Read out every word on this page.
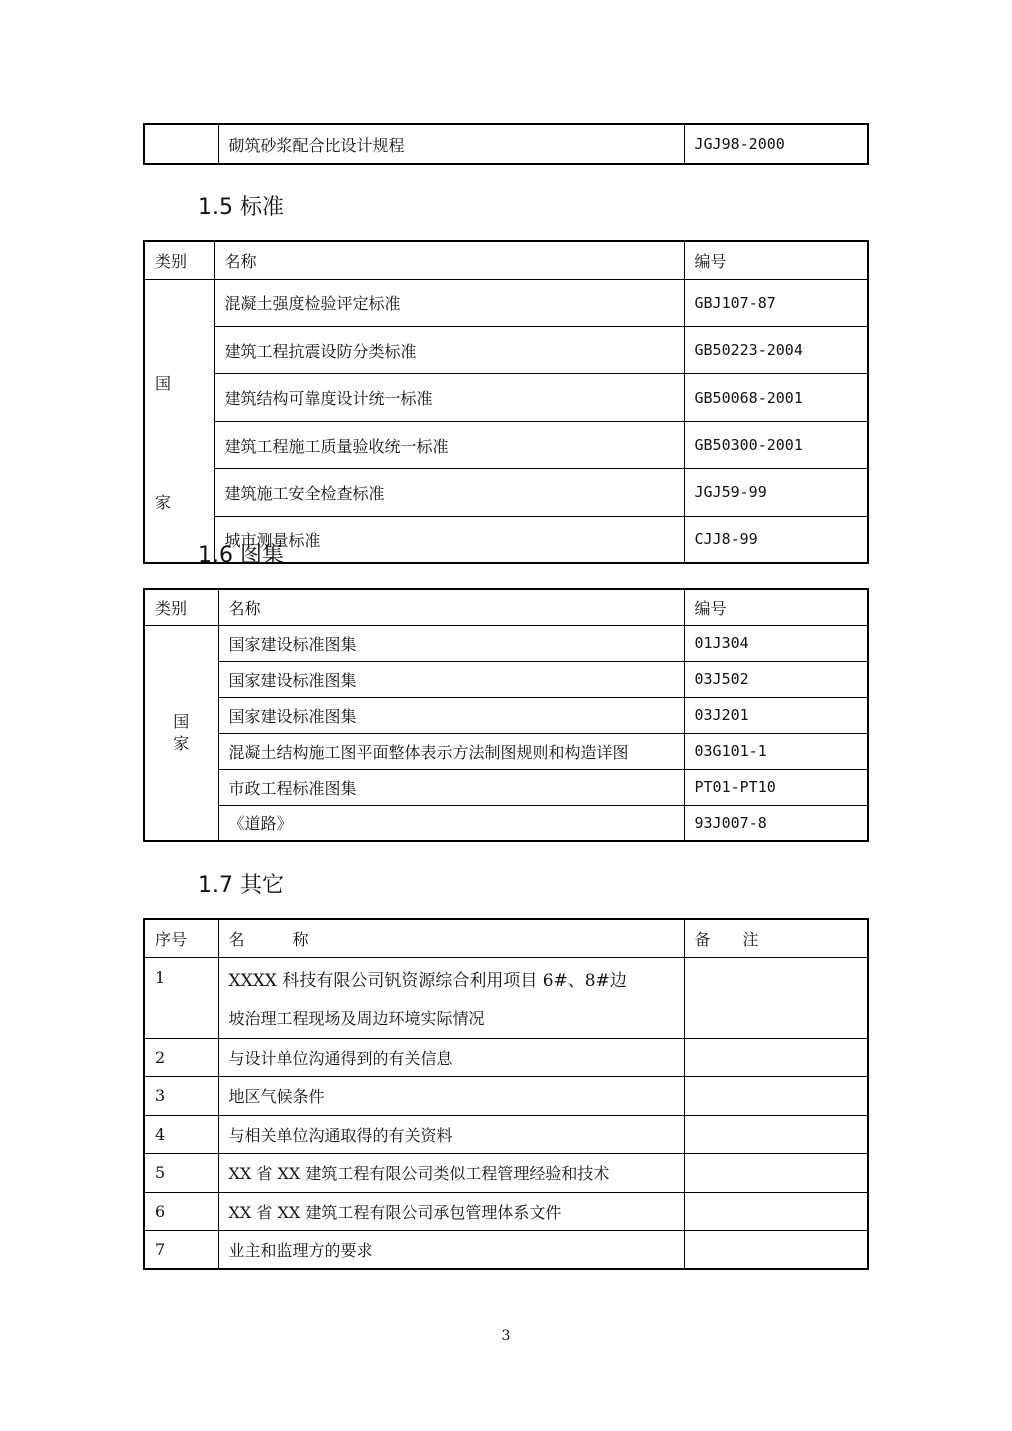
	砌筑砂浆配合比设计规程	JGJ98-2000
1.5 标准
类别	名称	编号

国
家	混凝土强度检验评定标准	GBJ107-87
	建筑工程抗震设防分类标准	GB50223-2004
	建筑结构可靠度设计统一标准	GB50068-2001
	建筑工程施工质量验收统一标准	GB50300-2001
	建筑施工安全检查标准	JGJ59-99
	城市测量标准	CJJ8-99
1.6 图集
类别	名称	编号

国
家	国家建设标准图集	01J304
	国家建设标准图集	03J502
	国家建设标准图集	03J201
	混凝土结构施工图平面整体表示方法制图规则和构造详图	03G101-1
	市政工程标准图集	PT01-PT10
	《道路》	93J007-8
1.7 其它
序号	名　　　称	备　　注
1	XXXX 科技有限公司钒资源综合利用项目 6#、8#边
坡治理工程现场及周边环境实际情况	

2	与设计单位沟通得到的有关信息	
3	地区气候条件	
4	与相关单位沟通取得的有关资料	
5	XX 省 XX 建筑工程有限公司类似工程管理经验和技术	
6	XX 省 XX 建筑工程有限公司承包管理体系文件	
7	业主和监理方的要求	
3
